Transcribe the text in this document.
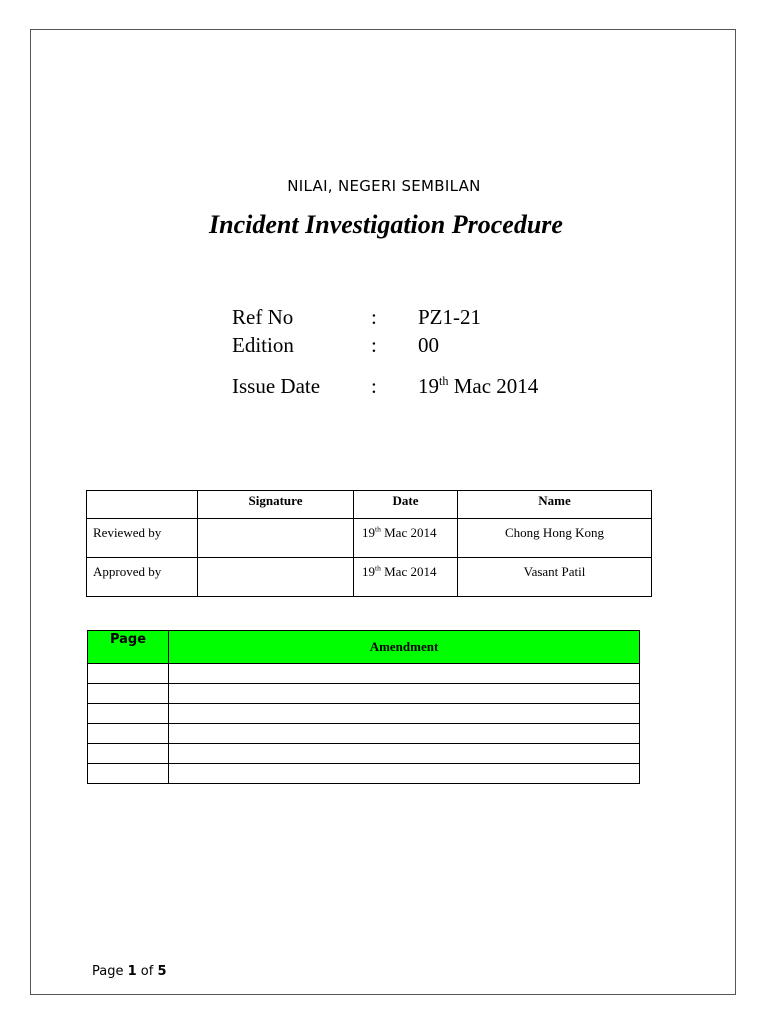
NILAI, NEGERI SEMBILAN
Incident Investigation Procedure
Ref No	: PZ1-21
Edition	: 00
Issue Date : 19th Mac 2014
	Signature	Date	Name
Reviewed by		19th Mac 2014	Chong Hong Kong
Approved by		19th Mac 2014	Vasant Patil
Page	Amendment

Page 1 of 5
